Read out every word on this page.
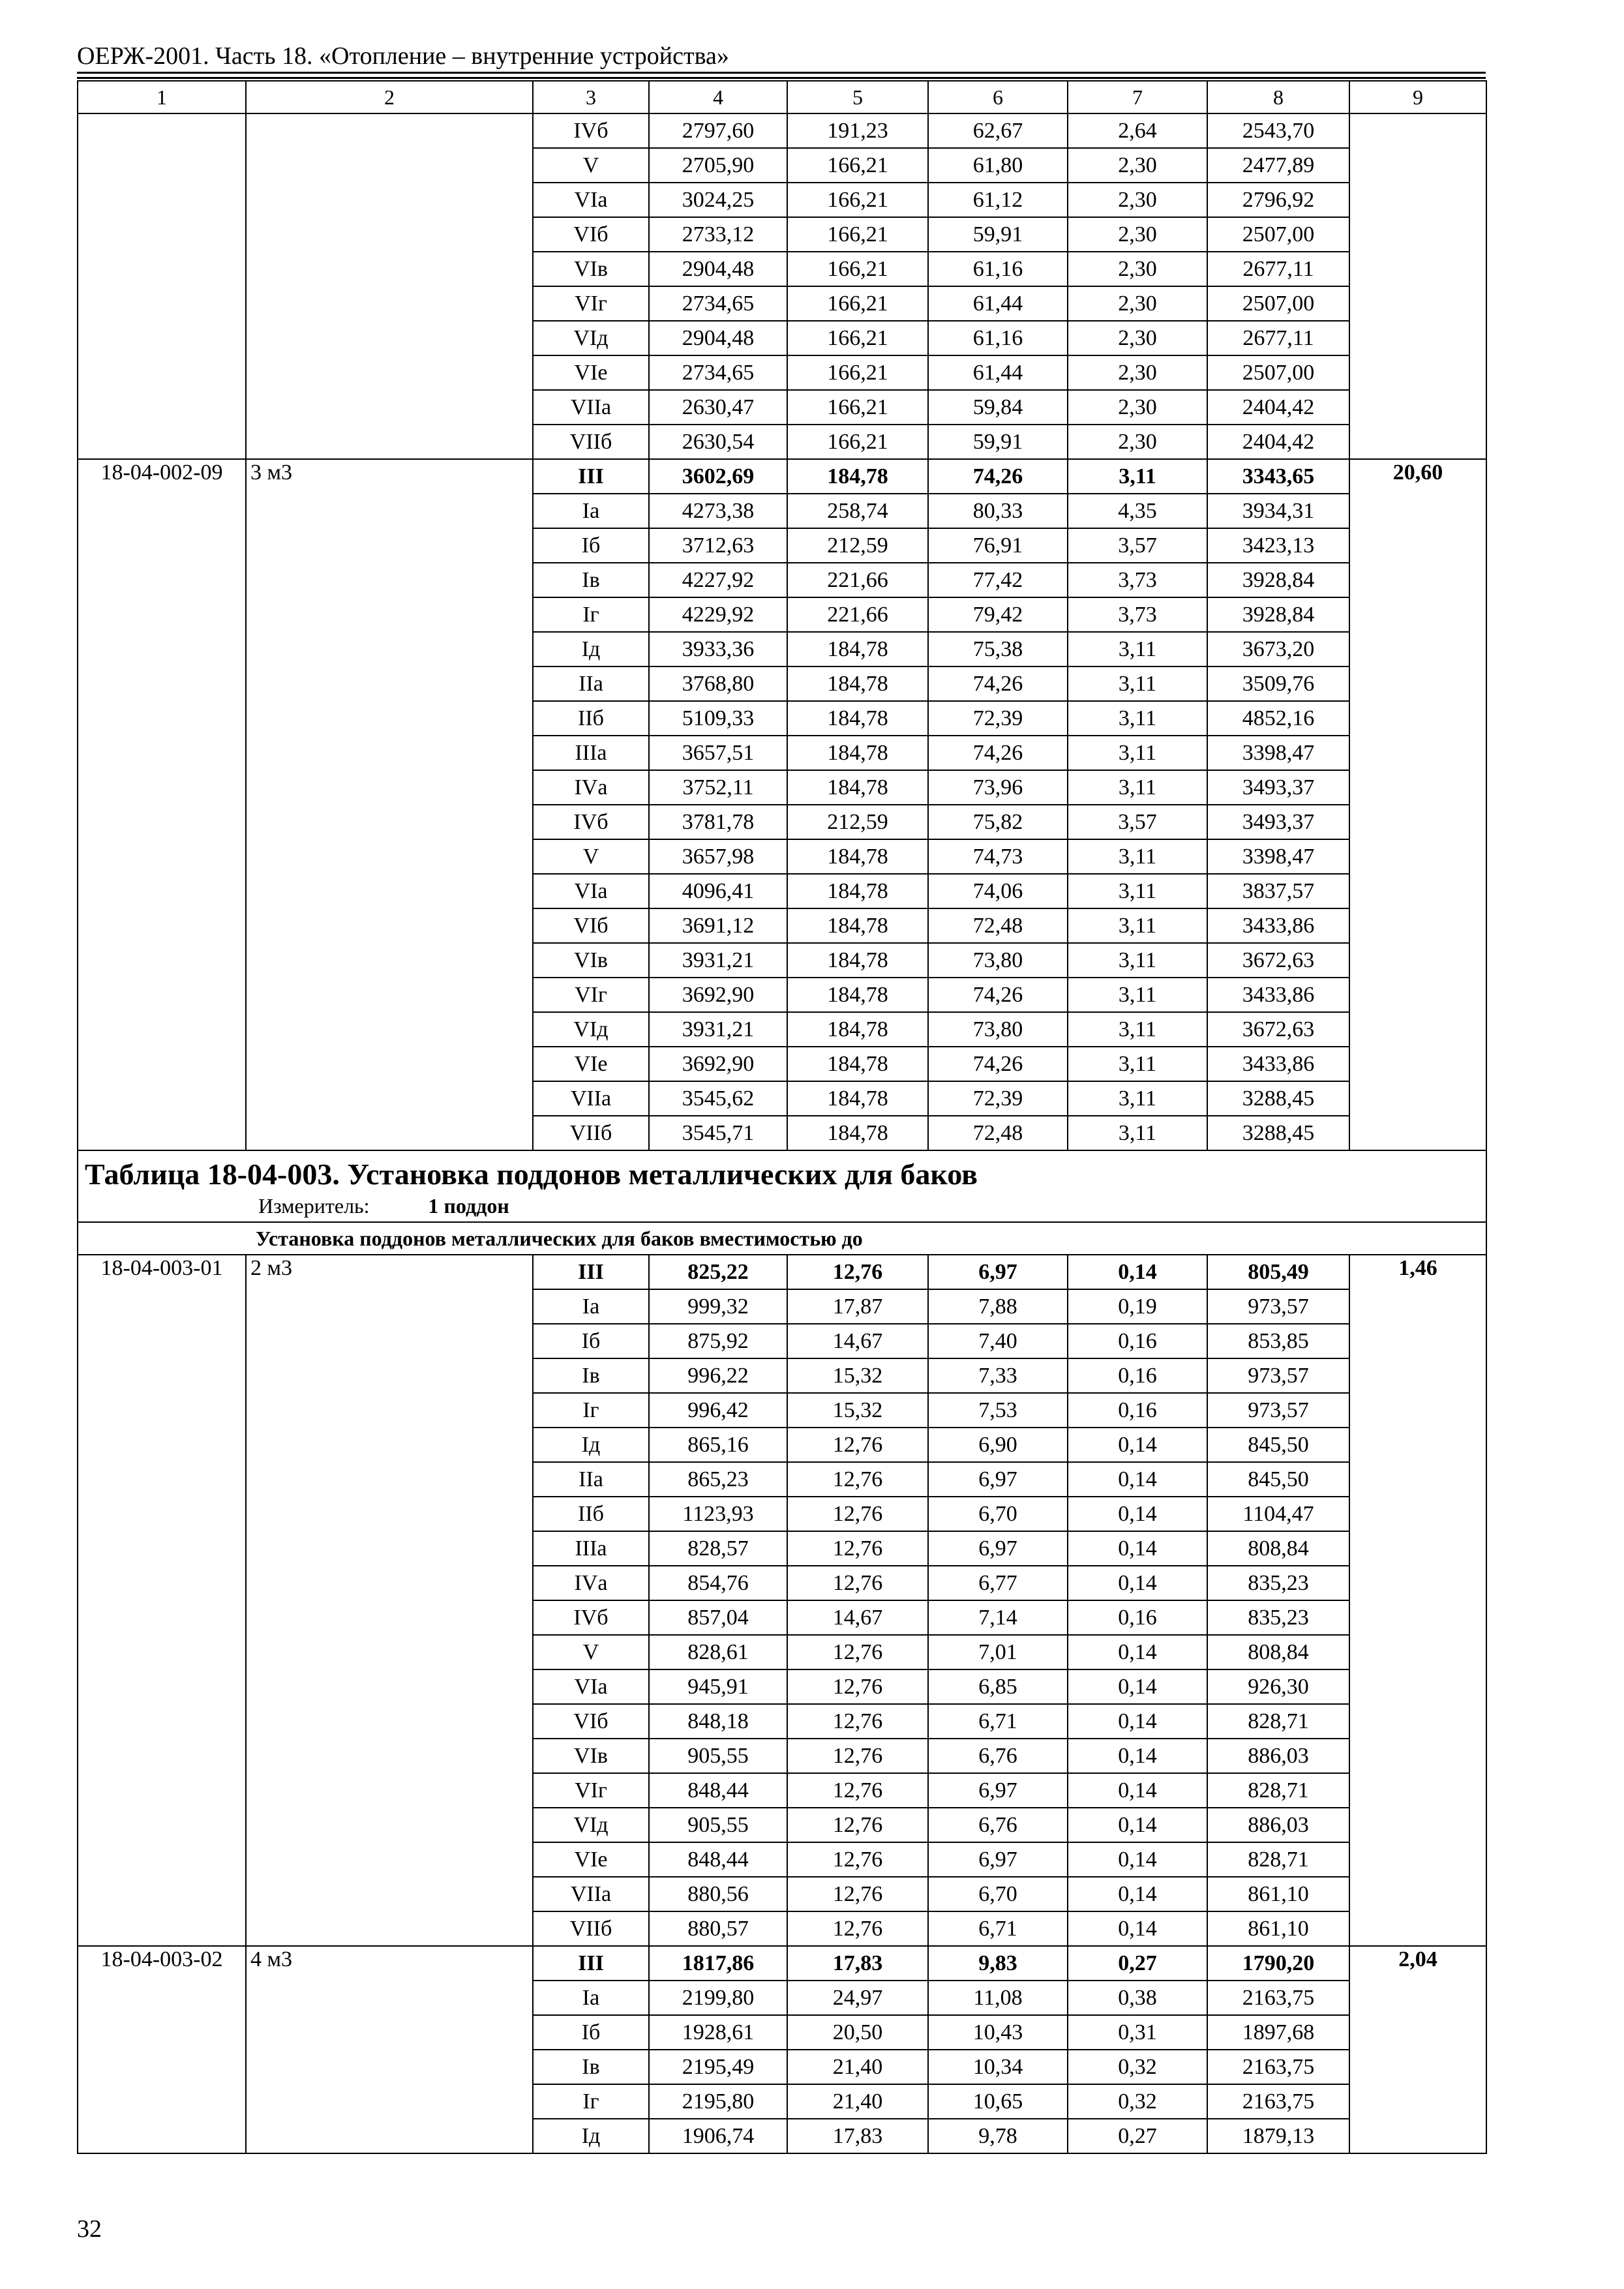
ОЕРЖ-2001. Часть 18. «Отопление – внутренние устройства»
1	2	3	4	5	6	7	8	9
		IVб	2797,60	191,23	62,67	2,64	2543,70	
		V	2705,90	166,21	61,80	2,30	2477,89	
		VIа	3024,25	166,21	61,12	2,30	2796,92	
		VIб	2733,12	166,21	59,91	2,30	2507,00	
		VIв	2904,48	166,21	61,16	2,30	2677,11	
		VIг	2734,65	166,21	61,44	2,30	2507,00	
		VIд	2904,48	166,21	61,16	2,30	2677,11	
		VIе	2734,65	166,21	61,44	2,30	2507,00	
		VIIа	2630,47	166,21	59,84	2,30	2404,42	
		VIIб	2630,54	166,21	59,91	2,30	2404,42	
18-04-002-09	3 м3	III	3602,69	184,78	74,26	3,11	3343,65	20,60
		Iа	4273,38	258,74	80,33	4,35	3934,31	
		Iб	3712,63	212,59	76,91	3,57	3423,13	
		Iв	4227,92	221,66	77,42	3,73	3928,84	
		Iг	4229,92	221,66	79,42	3,73	3928,84	
		Iд	3933,36	184,78	75,38	3,11	3673,20	
		IIа	3768,80	184,78	74,26	3,11	3509,76	
		IIб	5109,33	184,78	72,39	3,11	4852,16	
		IIIа	3657,51	184,78	74,26	3,11	3398,47	
		IVа	3752,11	184,78	73,96	3,11	3493,37	
		IVб	3781,78	212,59	75,82	3,57	3493,37	
		V	3657,98	184,78	74,73	3,11	3398,47	
		VIа	4096,41	184,78	74,06	3,11	3837,57	
		VIб	3691,12	184,78	72,48	3,11	3433,86	
		VIв	3931,21	184,78	73,80	3,11	3672,63	
		VIг	3692,90	184,78	74,26	3,11	3433,86	
		VIд	3931,21	184,78	73,80	3,11	3672,63	
		VIе	3692,90	184,78	74,26	3,11	3433,86	
		VIIа	3545,62	184,78	72,39	3,11	3288,45	
		VIIб	3545,71	184,78	72,48	3,11	3288,45	

Таблица 18-04-003. Установка поддонов металлических для баков
Измеритель: 1 поддон								

Установка поддонов металлических для баков вместимостью до								
18-04-003-01	2 м3	III	825,22	12,76	6,97	0,14	805,49	1,46
		Iа	999,32	17,87	7,88	0,19	973,57	
		Iб	875,92	14,67	7,40	0,16	853,85	
		Iв	996,22	15,32	7,33	0,16	973,57	
		Iг	996,42	15,32	7,53	0,16	973,57	
		Iд	865,16	12,76	6,90	0,14	845,50	
		IIа	865,23	12,76	6,97	0,14	845,50	
		IIб	1123,93	12,76	6,70	0,14	1104,47	
		IIIа	828,57	12,76	6,97	0,14	808,84	
		IVа	854,76	12,76	6,77	0,14	835,23	
		IVб	857,04	14,67	7,14	0,16	835,23	
		V	828,61	12,76	7,01	0,14	808,84	
		VIа	945,91	12,76	6,85	0,14	926,30	
		VIб	848,18	12,76	6,71	0,14	828,71	
		VIв	905,55	12,76	6,76	0,14	886,03	
		VIг	848,44	12,76	6,97	0,14	828,71	
		VIд	905,55	12,76	6,76	0,14	886,03	
		VIе	848,44	12,76	6,97	0,14	828,71	
		VIIа	880,56	12,76	6,70	0,14	861,10	
		VIIб	880,57	12,76	6,71	0,14	861,10	
18-04-003-02	4 м3	III	1817,86	17,83	9,83	0,27	1790,20	2,04
		Iа	2199,80	24,97	11,08	0,38	2163,75	
		Iб	1928,61	20,50	10,43	0,31	1897,68	
		Iв	2195,49	21,40	10,34	0,32	2163,75	
		Iг	2195,80	21,40	10,65	0,32	2163,75	
		Iд	1906,74	17,83	9,78	0,27	1879,13	
32
